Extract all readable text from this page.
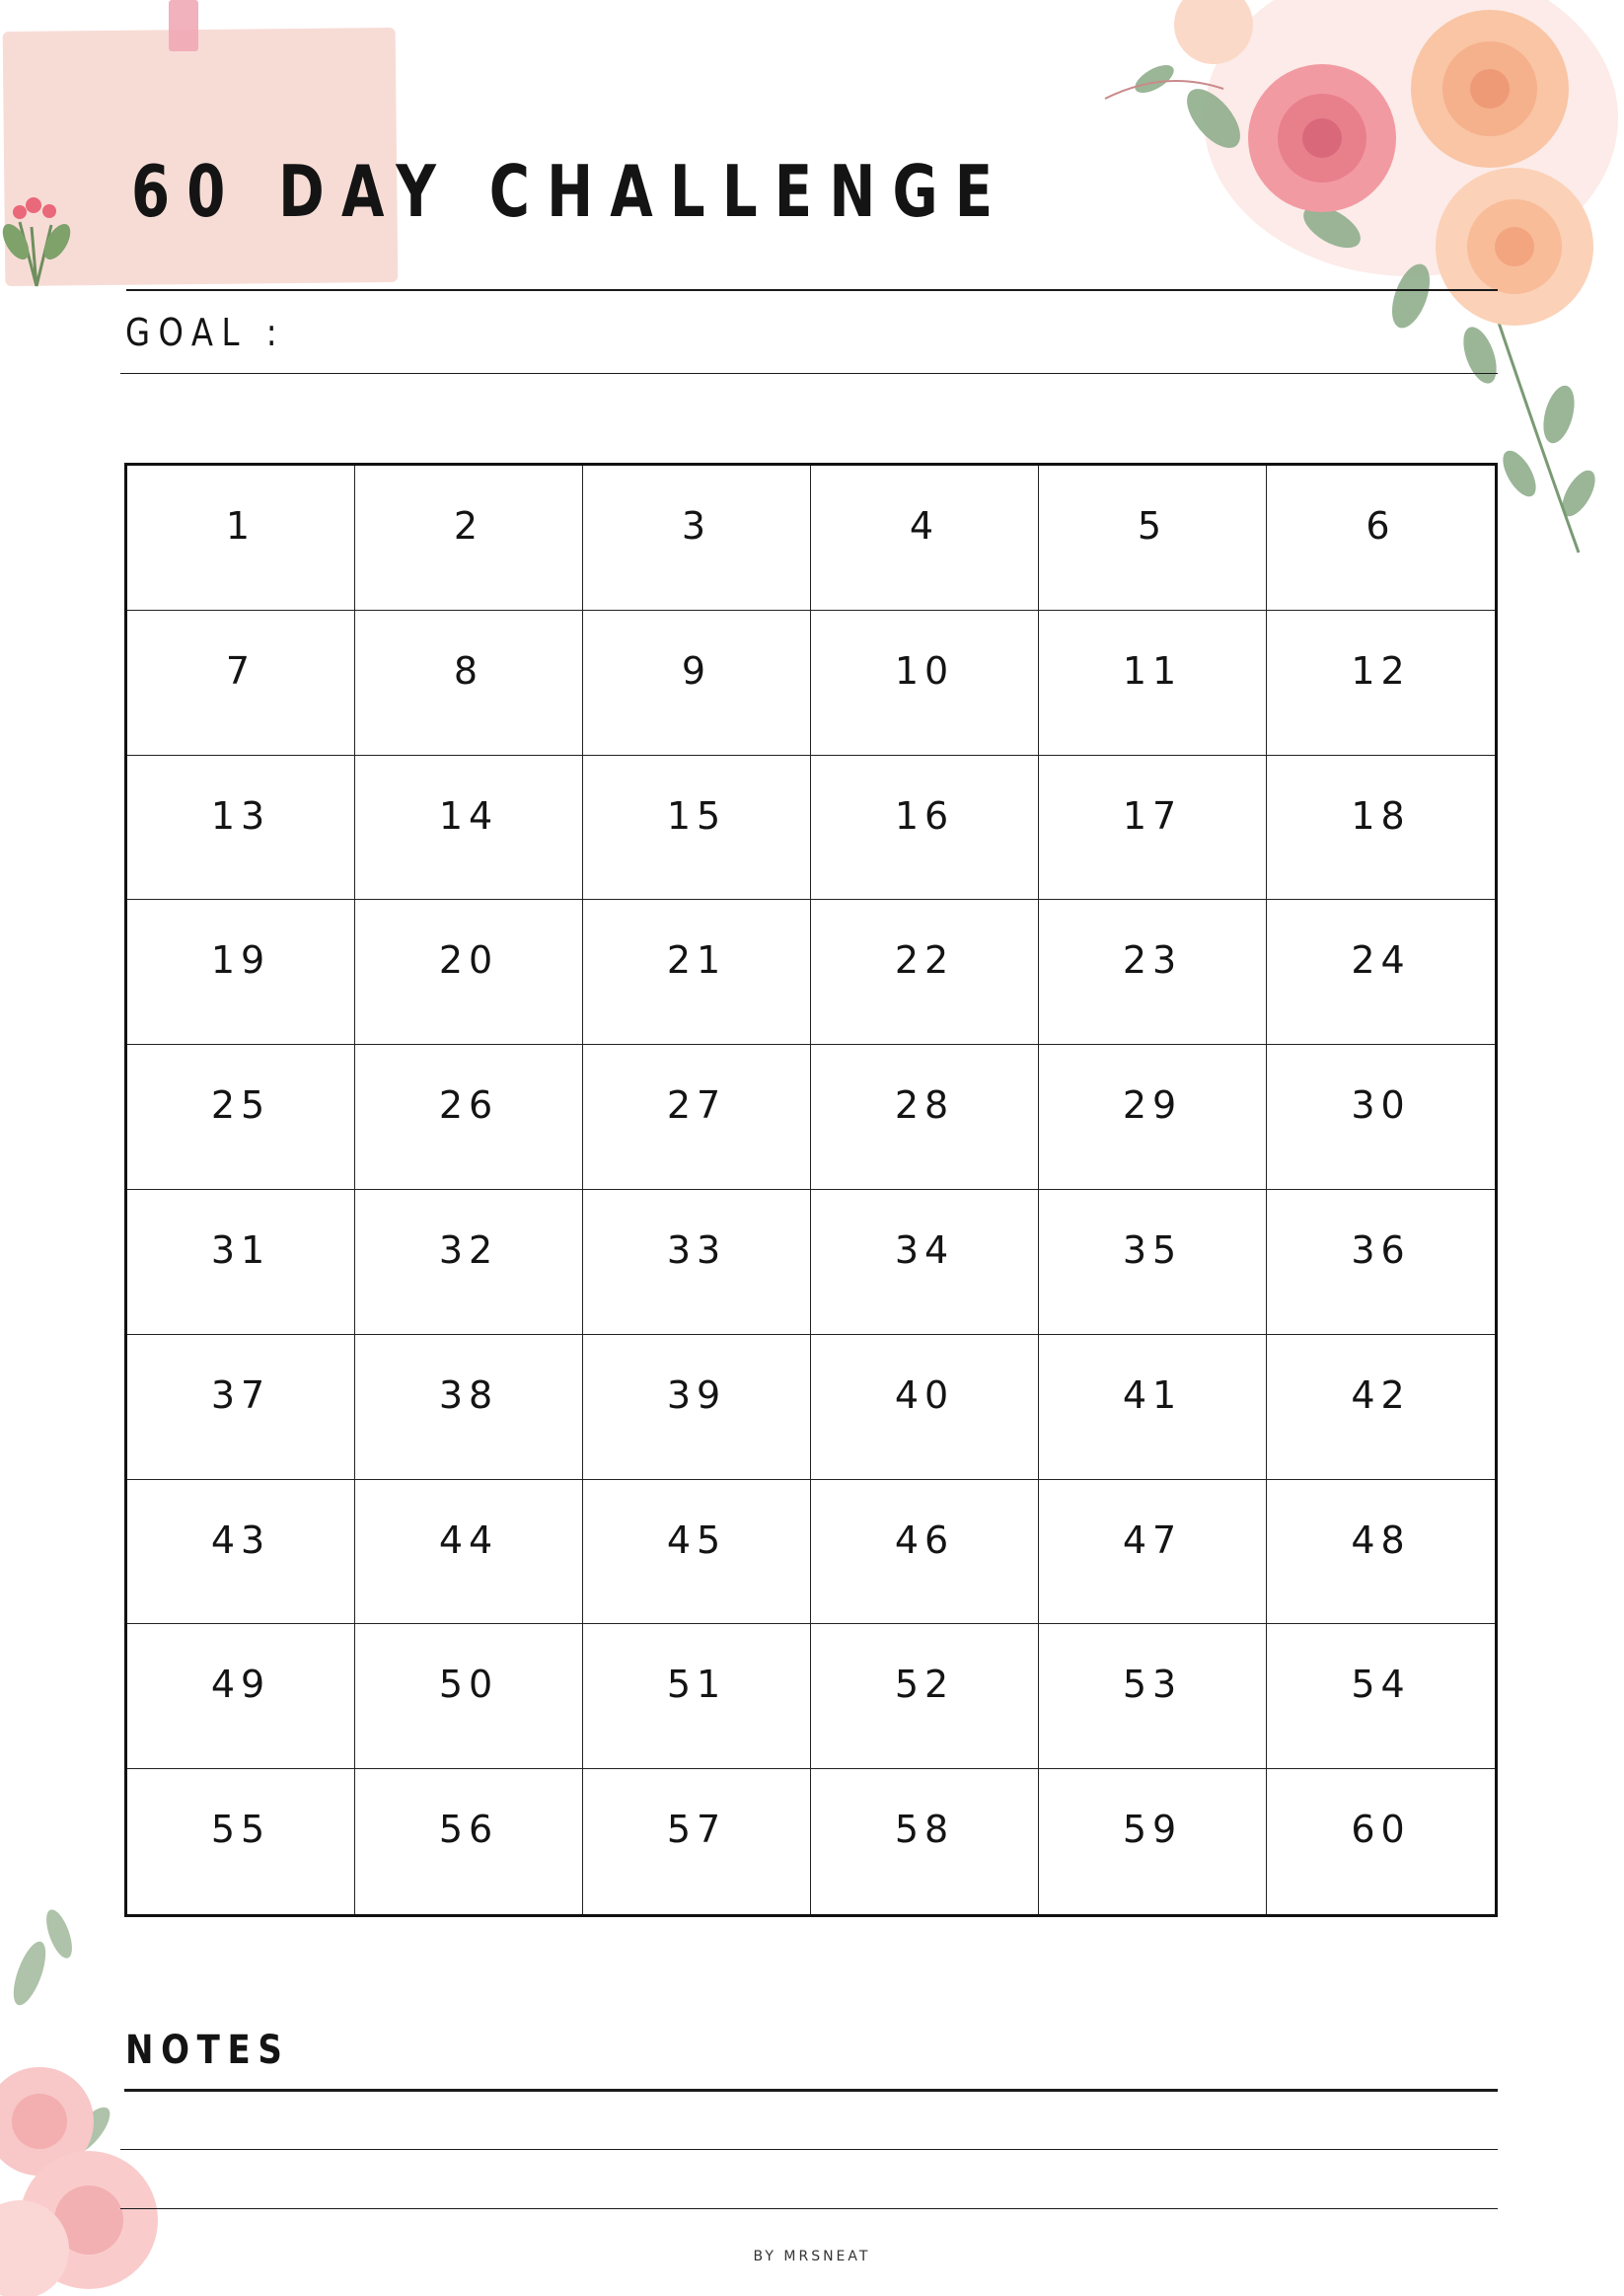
60 DAY CHALLENGE
GOAL :
1	2	3	4	5	6
7	8	9	10	11	12
13	14	15	16	17	18
19	20	21	22	23	24
25	26	27	28	29	30
31	32	33	34	35	36
37	38	39	40	41	42
43	44	45	46	47	48
49	50	51	52	53	54
55	56	57	58	59	60
NOTES
BY MRSNEAT
